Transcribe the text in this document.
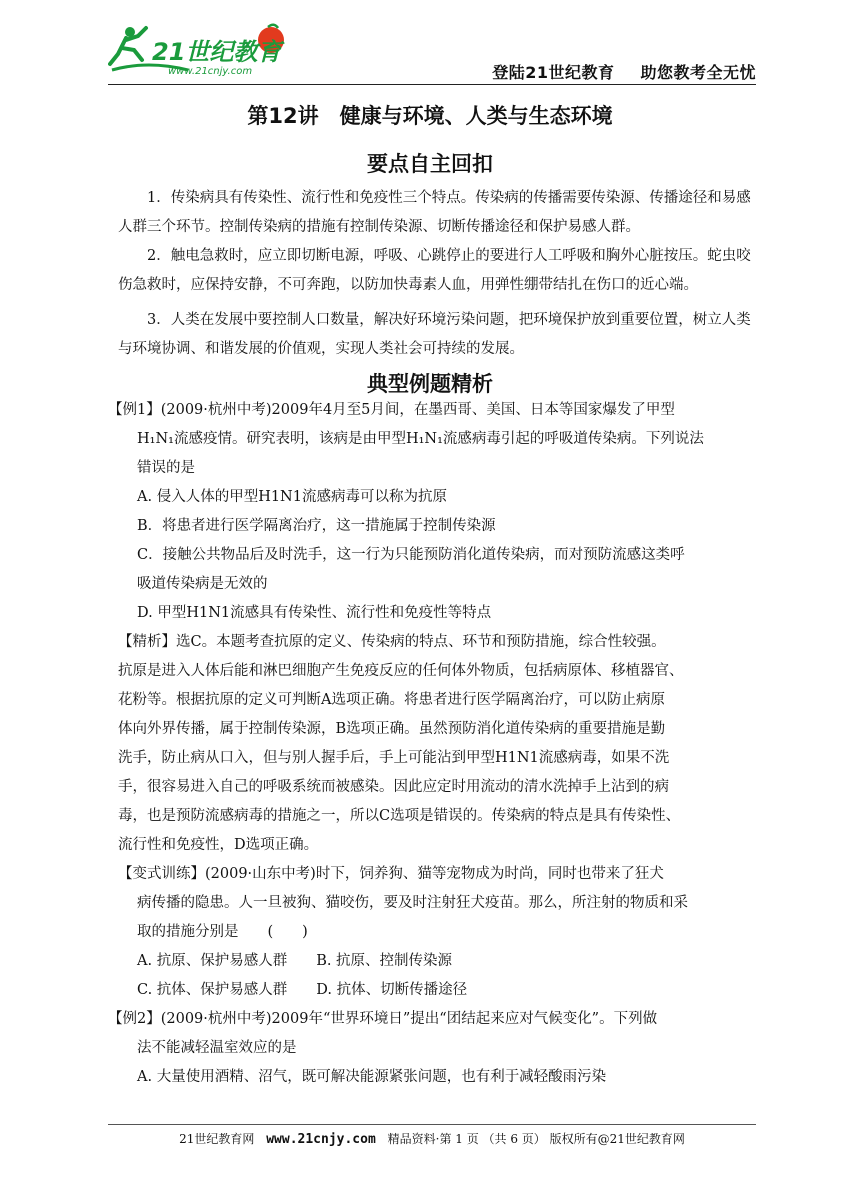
21世纪教育
www.21cnjy.com	登陆21世纪教育 助您教考全无忧
第12讲　健康与环境、人类与生态环境
要点自主回扣

1．传染病具有传染性、流行性和免疫性三个特点。传染病的传播需要传染源、传播途径和易感人群三个环节。控制传染病的措施有控制传染源、切断传播途径和保护易感人群。

2．触电急救时，应立即切断电源，呼吸、心跳停止的要进行人工呼吸和胸外心脏按压。蛇虫咬伤急救时，应保持安静，不可奔跑，以防加快毒素人血，用弹性绷带结扎在伤口的近心端。

3．人类在发展中要控制人口数量，解决好环境污染问题，把环境保护放到重要位置，树立人类与环境协调、和谐发展的价值观，实现人类社会可持续的发展。

典型例题精析

【例1】(2009·杭州中考)2009年4月至5月间，在墨西哥、美国、日本等国家爆发了甲型

H₁N₁流感疫情。研究表明，该病是由甲型H₁N₁流感病毒引起的呼吸道传染病。下列说法

错误的是

A. 侵入人体的甲型H1N1流感病毒可以称为抗原

B．将患者进行医学隔离治疗，这一措施属于控制传染源

C．接触公共物品后及时洗手，这一行为只能预防消化道传染病，而对预防流感这类呼

吸道传染病是无效的

D. 甲型H1N1流感具有传染性、流行性和免疫性等特点

【精析】选C。本题考查抗原的定义、传染病的特点、环节和预防措施，综合性较强。

抗原是进入人体后能和淋巴细胞产生免疫反应的任何体外物质，包括病原体、移植器官、

花粉等。根据抗原的定义可判断A选项正确。将患者进行医学隔离治疗，可以防止病原

体向外界传播，属于控制传染源，B选项正确。虽然预防消化道传染病的重要措施是勤

洗手，防止病从口入，但与别人握手后，手上可能沾到甲型H1N1流感病毒，如果不洗

手，很容易进入自己的呼吸系统而被感染。因此应定时用流动的清水洗掉手上沾到的病

毒，也是预防流感病毒的措施之一，所以C选项是错误的。传染病的特点是具有传染性、

流行性和免疫性，D选项正确。

【变式训练】(2009·山东中考)时下，饲养狗、猫等宠物成为时尚，同时也带来了狂犬

病传播的隐患。人一旦被狗、猫咬伤，要及时注射狂犬疫苗。那么，所注射的物质和采

取的措施分别是　　(　　)

A. 抗原、保护易感人群　　B. 抗原、控制传染源

C. 抗体、保护易感人群　　D. 抗体、切断传播途径

【例2】(2009·杭州中考)2009年“世界环境日”提出“团结起来应对气候变化”。下列做

法不能减轻温室效应的是

A. 大量使用酒精、沼气，既可解决能源紧张问题，也有利于减轻酸雨污染

21世纪教育网 www.21cnjy.com 精品资料·第 1 页 （共 6 页） 版权所有@21世纪教育网
